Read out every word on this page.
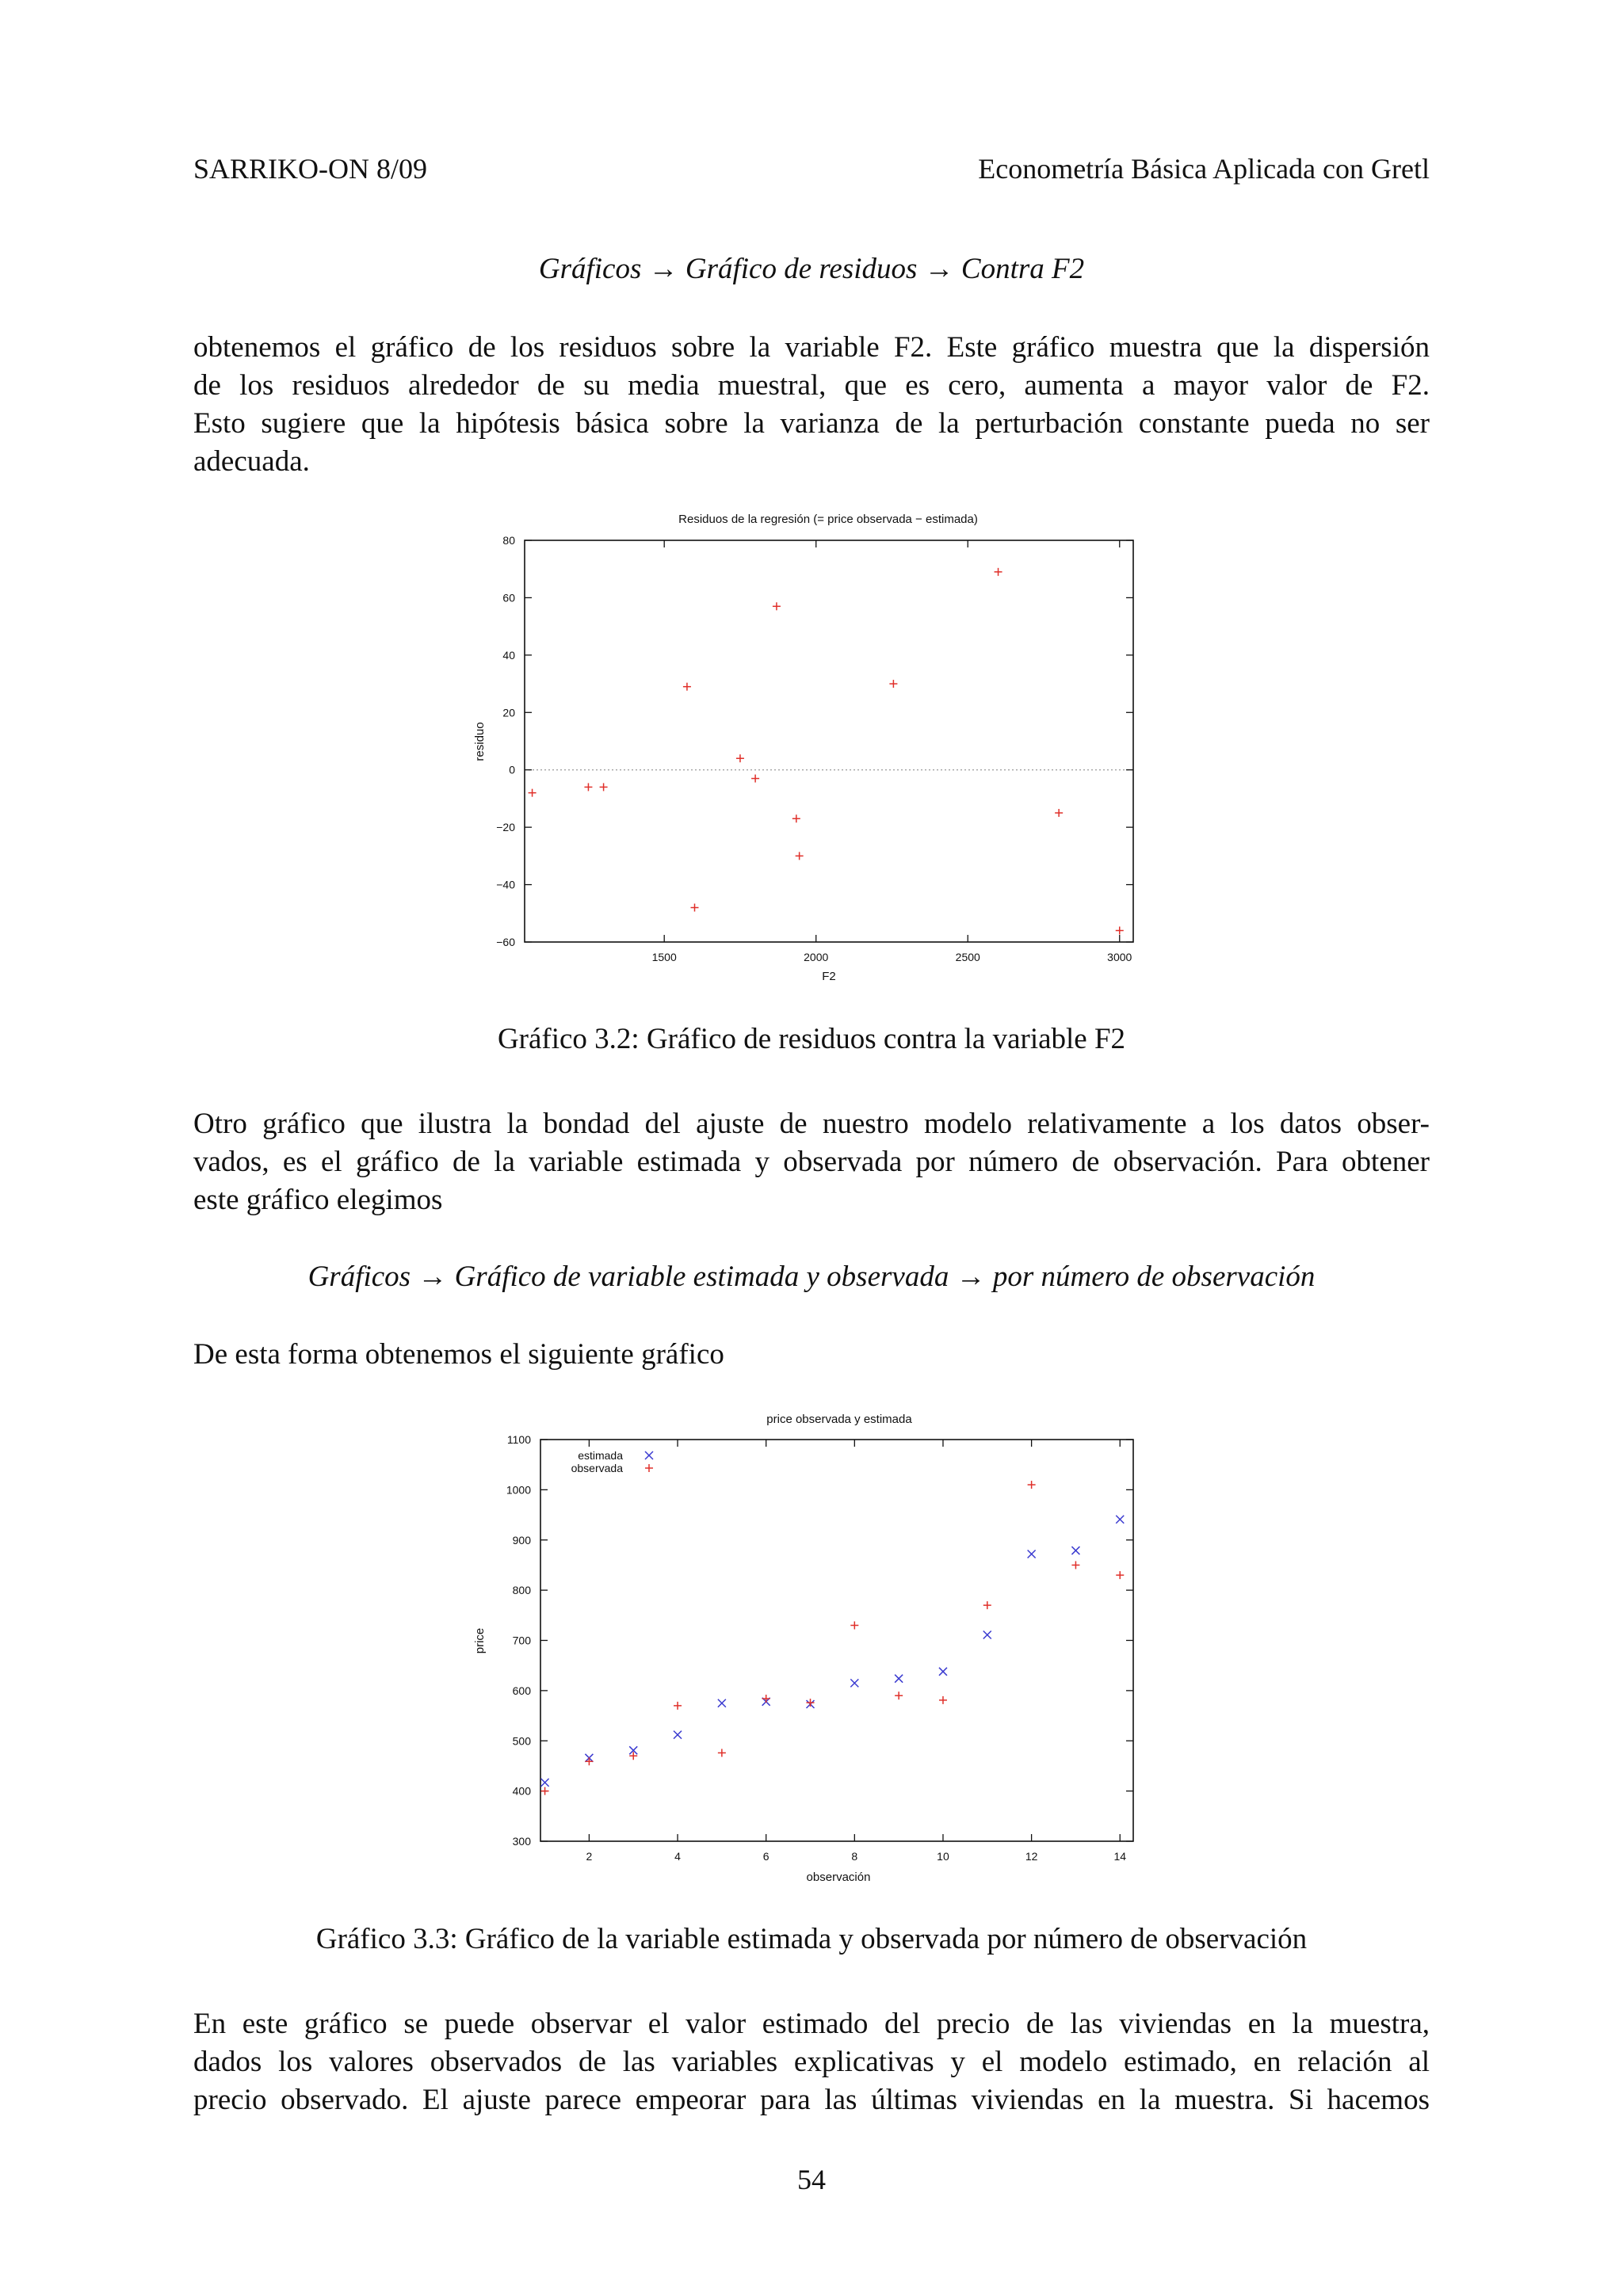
SARRIKO-ON 8/09	Econometría Básica Aplicada con Gretl
Gráficos → Gráfico de residuos → Contra F2
obtenemos el gráfico de los residuos sobre la variable F2. Este gráfico muestra que la dispersión
de los residuos alrededor de su media muestral, que es cero, aumenta a mayor valor de F2.
Esto sugiere que la hipótesis básica sobre la varianza de la perturbación constante pueda no ser
adecuada.
Residuos de la regresión (= price observada − estimada)
1500	2000	2500	3000
−60
−40
−20
0
20
40
60
80
F2
residuo
Gráfico 3.2: Gráfico de residuos contra la variable F2
Otro gráfico que ilustra la bondad del ajuste de nuestro modelo relativamente a los datos obser-
vados, es el gráfico de la variable estimada y observada por número de observación. Para obtener
este gráfico elegimos
Gráficos → Gráfico de variable estimada y observada → por número de observación
De esta forma obtenemos el siguiente gráfico
price observada y estimada
2	4	6	8	10	12	14
300
400
500
600
700
800
900
1000
1100
estimada
observada
observación
price
Gráfico 3.3: Gráfico de la variable estimada y observada por número de observación
En este gráfico se puede observar el valor estimado del precio de las viviendas en la muestra,
dados los valores observados de las variables explicativas y el modelo estimado, en relación al
precio observado. El ajuste parece empeorar para las últimas viviendas en la muestra. Si hacemos
54
